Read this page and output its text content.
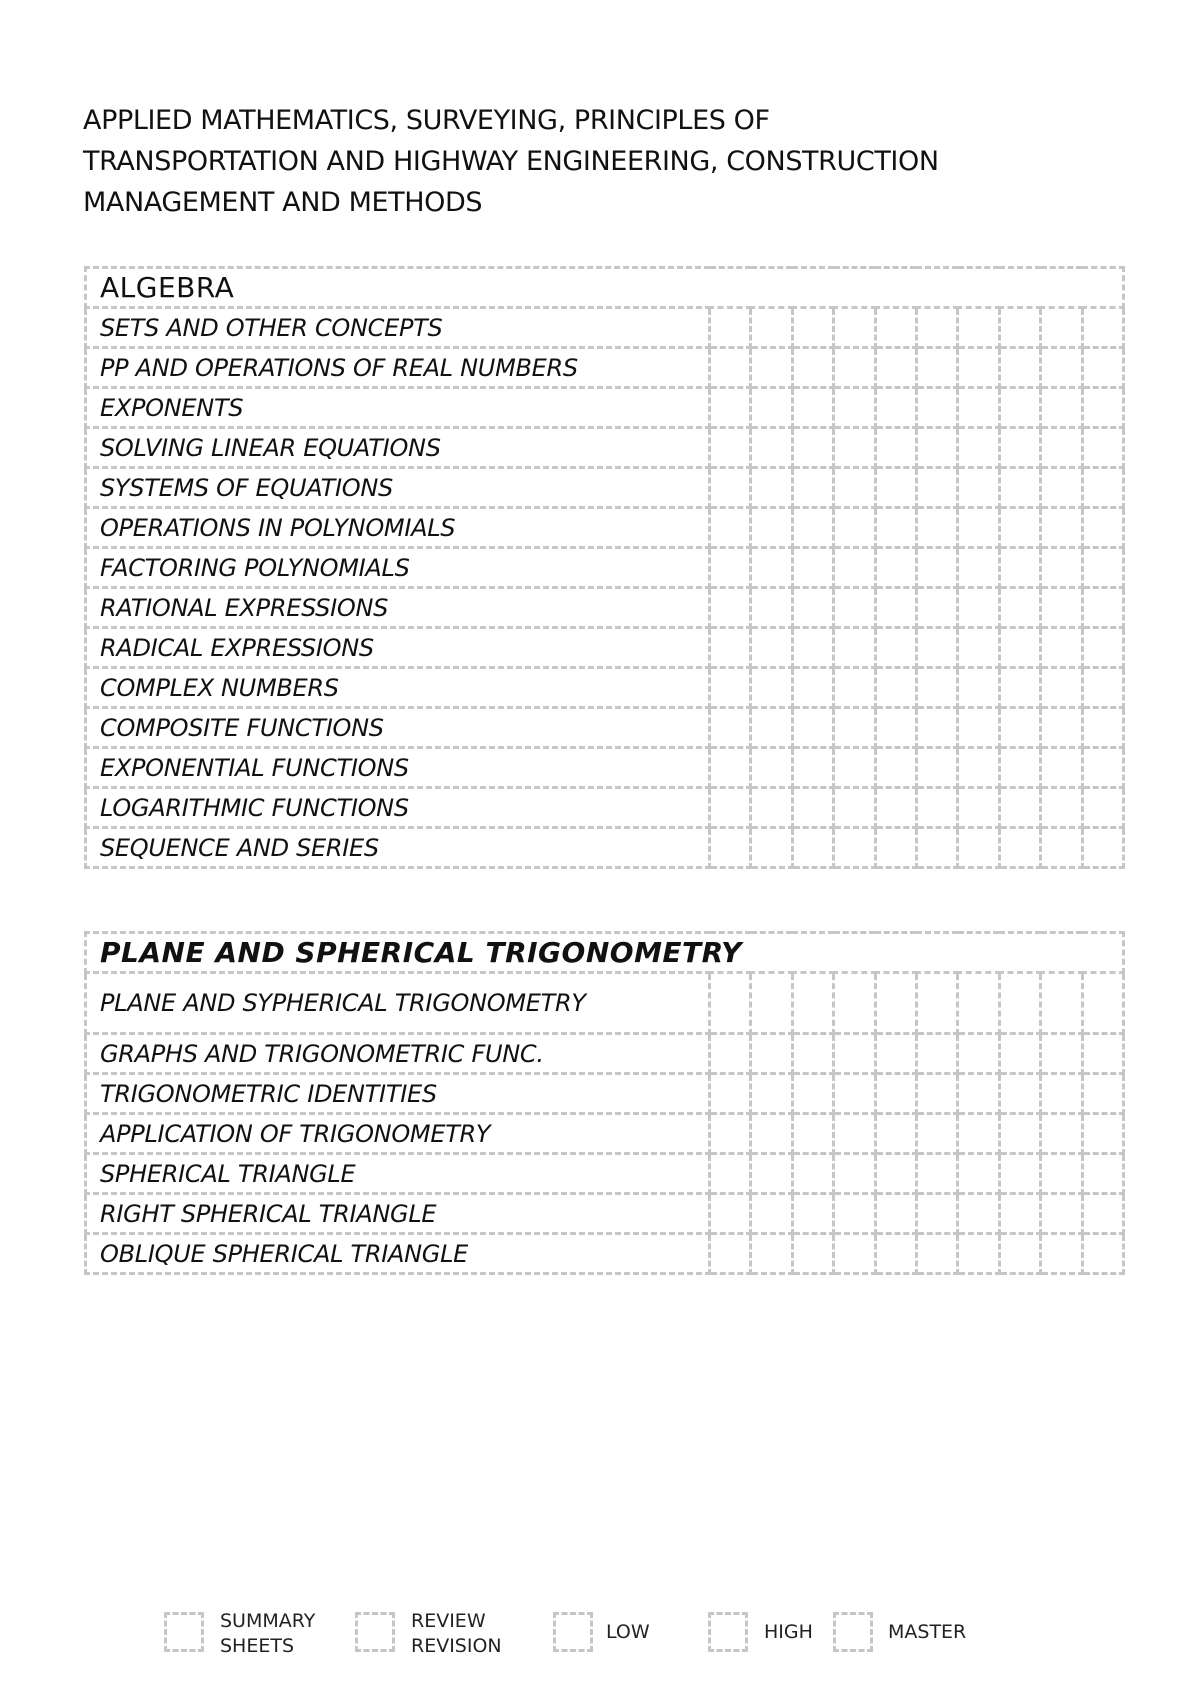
APPLIED MATHEMATICS, SURVEYING, PRINCIPLES OF
TRANSPORTATION AND HIGHWAY ENGINEERING, CONSTRUCTION
MANAGEMENT AND METHODS
ALGEBRA										
SETS AND OTHER CONCEPTS										
PP AND OPERATIONS OF REAL NUMBERS										
EXPONENTS										
SOLVING LINEAR EQUATIONS										
SYSTEMS OF EQUATIONS										
OPERATIONS IN POLYNOMIALS										
FACTORING POLYNOMIALS										
RATIONAL EXPRESSIONS										
RADICAL EXPRESSIONS										
COMPLEX NUMBERS										
COMPOSITE FUNCTIONS										
EXPONENTIAL FUNCTIONS										
LOGARITHMIC FUNCTIONS										
SEQUENCE AND SERIES										
PLANE AND SPHERICAL TRIGONOMETRY										
PLANE AND SYPHERICAL TRIGONOMETRY										
GRAPHS AND TRIGONOMETRIC FUNC.										
TRIGONOMETRIC IDENTITIES										
APPLICATION OF TRIGONOMETRY										
SPHERICAL TRIANGLE										
RIGHT SPHERICAL TRIANGLE										
OBLIQUE SPHERICAL TRIANGLE										
SUMMARY
SHEETS
REVIEW
REVISION
LOW	HIGH	MASTER
